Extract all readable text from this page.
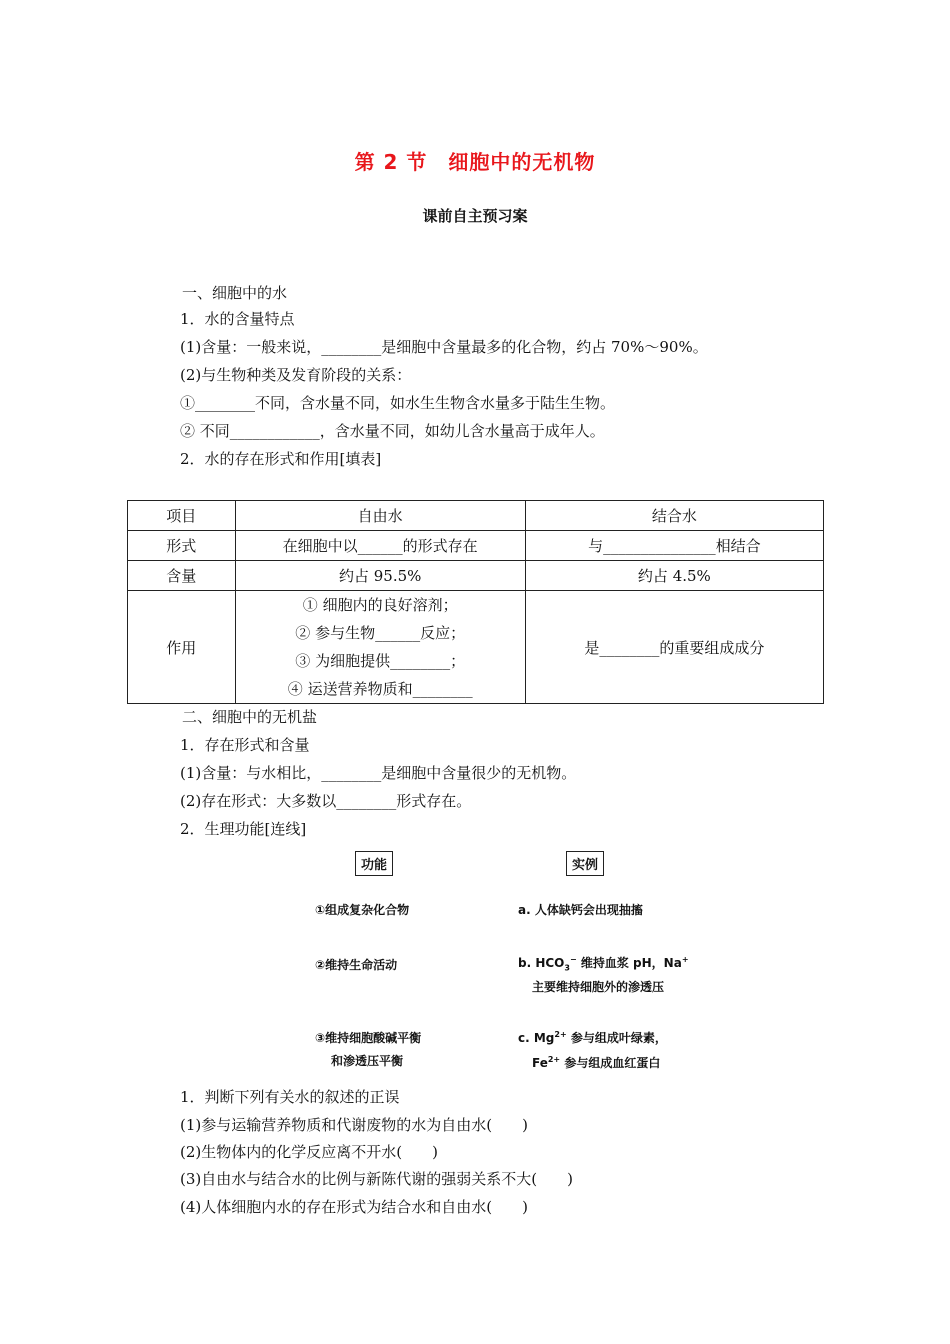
第 2 节　细胞中的无机物
课前自主预习案
一、细胞中的水
1．水的含量特点
(1)含量：一般来说，________是细胞中含量最多的化合物，约占 70%～90%。
(2)与生物种类及发育阶段的关系：
①________不同，含水量不同，如水生生物含水量多于陆生生物。
② 不同____________，含水量不同，如幼儿含水量高于成年人。
2．水的存在形式和作用[填表]
项目	自由水	结合水
形式	在细胞中以______的形式存在	与_______________相结合
含量	约占 95.5%	约占 4.5%
作用	① 细胞内的良好溶剂；
② 参与生物______反应；
③ 为细胞提供________；
④ 运送营养物质和________	是________的重要组成成分
二、细胞中的无机盐
1．存在形式和含量
(1)含量：与水相比，________是细胞中含量很少的无机物。
(2)存在形式：大多数以________形式存在。
2．生理功能[连线]
功能	实例
①组成复杂化合物
②维持生命活动
③维持细胞酸碱平衡
和渗透压平衡
a. 人体缺钙会出现抽搐
b. $HCO_3^-$ 维持血浆 pH，Na+
主要维持细胞外的渗透压
c. $Mg^{2+}$ 参与组成叶绿素，
$Fe^{2+}$ 参与组成血红蛋白
1．判断下列有关水的叙述的正误
(1)参与运输营养物质和代谢废物的水为自由水(　　)
(2)生物体内的化学反应离不开水(　　)
(3)自由水与结合水的比例与新陈代谢的强弱关系不大(　　)
(4)人体细胞内水的存在形式为结合水和自由水(　　)
